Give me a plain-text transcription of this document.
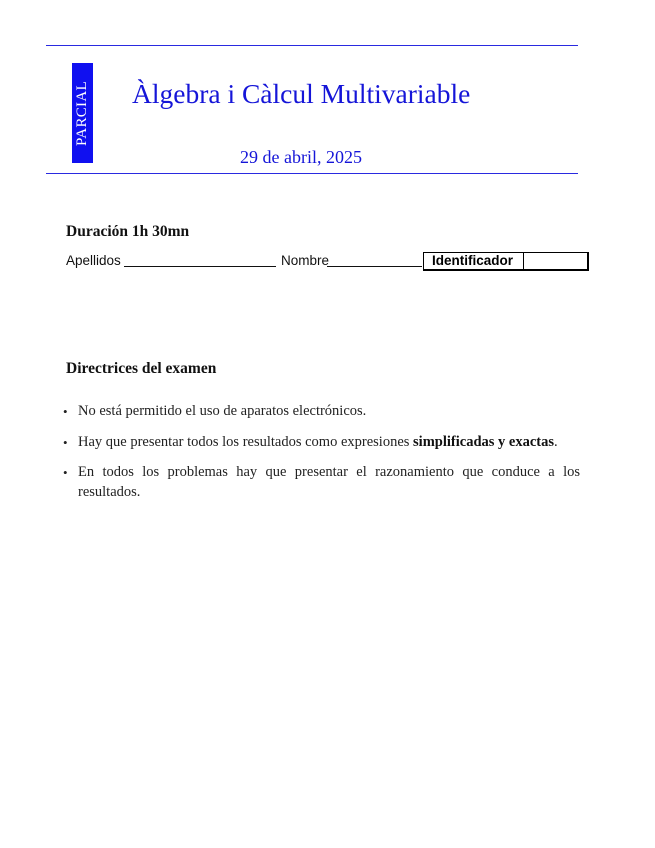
PARCIAL Àlgebra i Càlcul Multivariable
29 de abril, 2025
Duración 1h 30mn
Apellidos	Nombre	Identificador
Directrices del examen
• No está permitido el uso de aparatos electrónicos.
• Hay que presentar todos los resultados como expresiones simplificadas y exactas.
• En todos los problemas hay que presentar el razonamiento que conduce a los resultados.
